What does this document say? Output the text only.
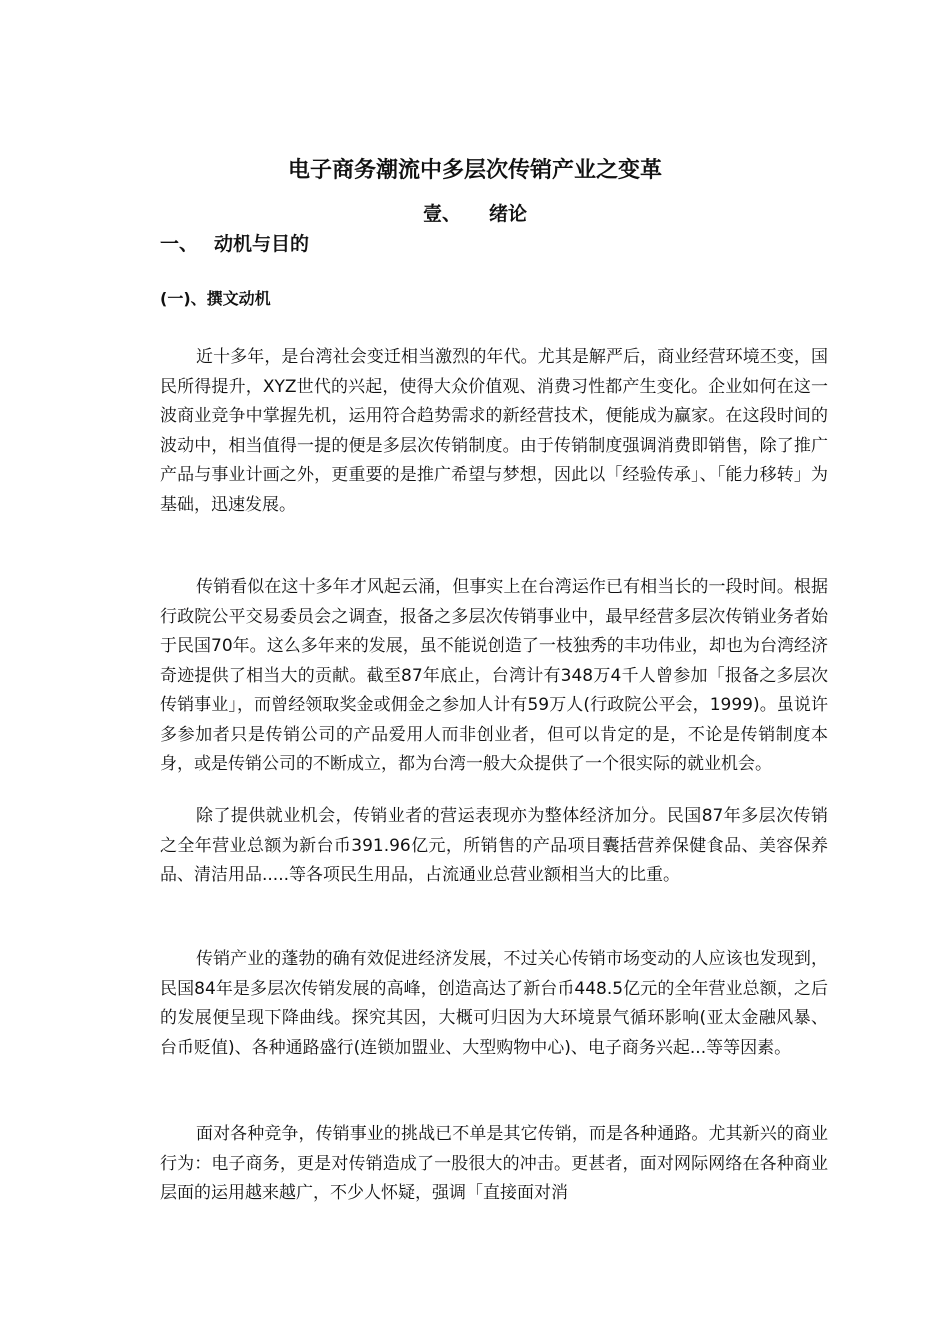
电子商务潮流中多层次传销产业之变革
壹、 绪论
一、 动机与目的
(一)、撰文动机

近十多年，是台湾社会变迁相当激烈的年代。尤其是解严后，商业经营环境丕变，国民所得提升，XYZ世代的兴起，使得大众价值观、消费习性都产生变化。企业如何在这一波商业竞争中掌握先机，运用符合趋势需求的新经营技术，便能成为赢家。在这段时间的波动中，相当值得一提的便是多层次传销制度。由于传销制度强调消费即销售，除了推广产品与事业计画之外，更重要的是推广希望与梦想，因此以「经验传承」、「能力移转」为基础，迅速发展。

传销看似在这十多年才风起云涌，但事实上在台湾运作已有相当长的一段时间。根据行政院公平交易委员会之调查，报备之多层次传销事业中，最早经营多层次传销业务者始于民国70年。这么多年来的发展，虽不能说创造了一枝独秀的丰功伟业，却也为台湾经济奇迹提供了相当大的贡献。截至87年底止，台湾计有348万4千人曾参加「报备之多层次传销事业」，而曾经领取奖金或佣金之参加人计有59万人(行政院公平会，1999)。虽说许多参加者只是传销公司的产品爱用人而非创业者，但可以肯定的是，不论是传销制度本身，或是传销公司的不断成立，都为台湾一般大众提供了一个很实际的就业机会。

除了提供就业机会，传销业者的营运表现亦为整体经济加分。民国87年多层次传销之全年营业总额为新台币391.96亿元，所销售的产品项目囊括营养保健食品、美容保养品、清洁用品.....等各项民生用品，占流通业总营业额相当大的比重。

传销产业的蓬勃的确有效促进经济发展，不过关心传销市场变动的人应该也发现到，民国84年是多层次传销发展的高峰，创造高达了新台币448.5亿元的全年营业总额，之后的发展便呈现下降曲线。探究其因，大概可归因为大环境景气循环影响(亚太金融风暴、台币贬值)、各种通路盛行(连锁加盟业、大型购物中心)、电子商务兴起...等等因素。

面对各种竞争，传销事业的挑战已不单是其它传销，而是各种通路。尤其新兴的商业行为：电子商务，更是对传销造成了一股很大的冲击。更甚者，面对网际网络在各种商业层面的运用越来越广，不少人怀疑，强调「直接面对消
